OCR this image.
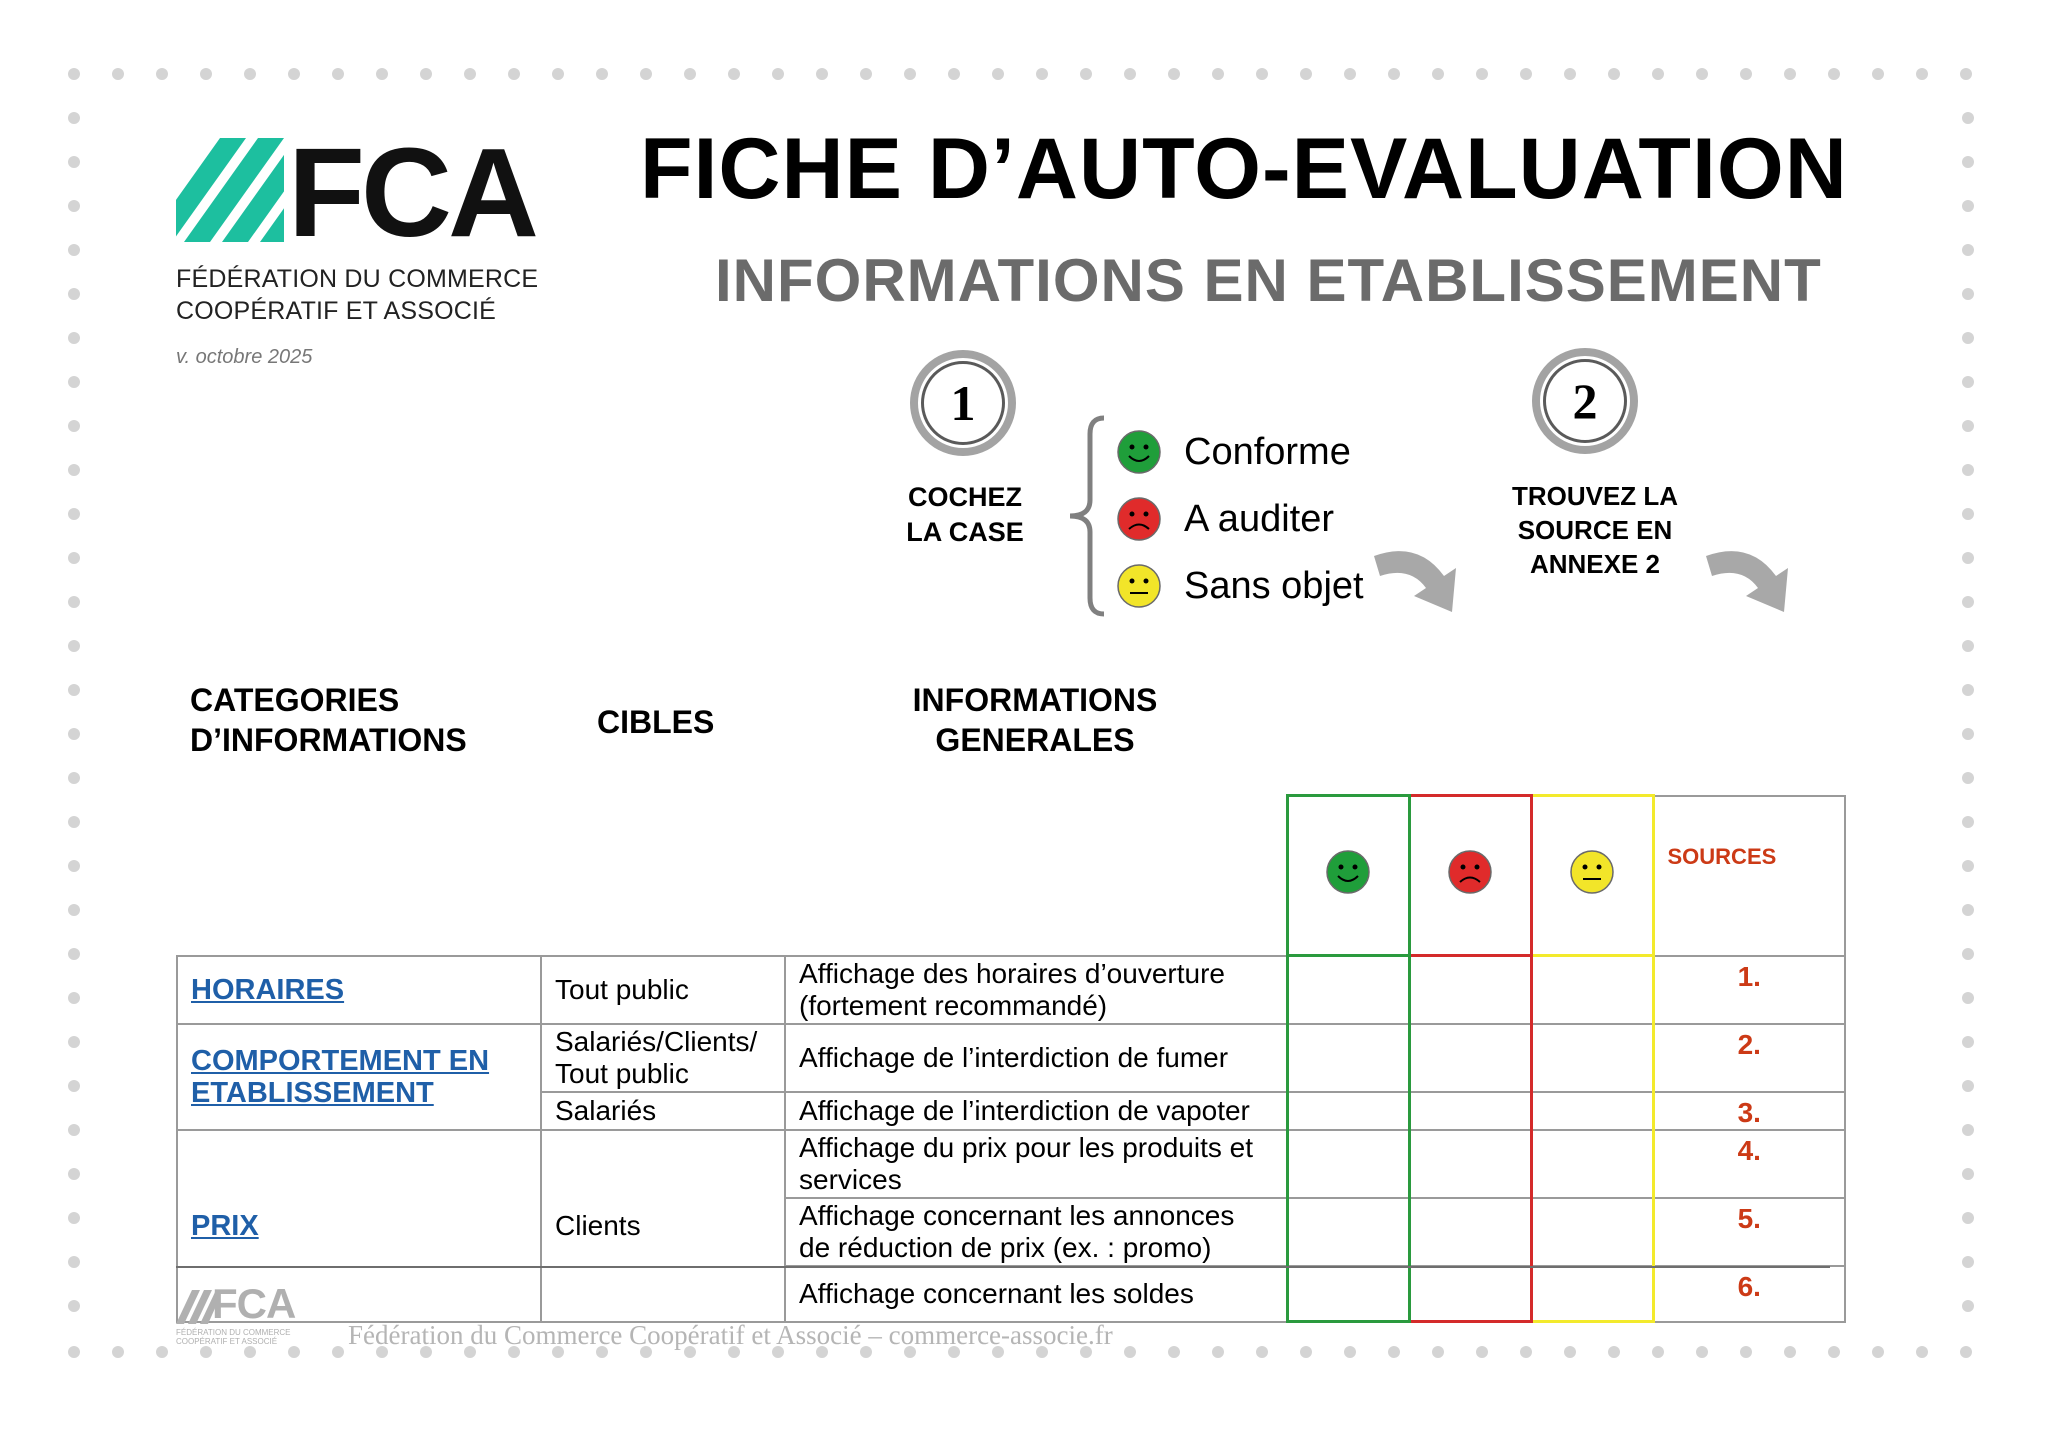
FCA
FÉDÉRATION DU COMMERCE
COOPÉRATIF ET ASSOCIÉ
v. octobre 2025
FICHE D’AUTO-EVALUATION
INFORMATIONS EN ETABLISSEMENT
1
COCHEZ
LA CASE
Conforme
A auditer
Sans objet
2
TROUVEZ LA
SOURCE EN
ANNEXE 2
CATEGORIES D’INFORMATIONS	CIBLES
INFORMATIONS GENERALES
						SOURCES
HORAIRES	Tout public	Affichage des horaires d’ouverture (fortement recommandé)				1.
COMPORTEMENT EN ETABLISSEMENT	Salariés/Clients/ Tout public	Affichage de l’interdiction de fumer				2.
	Salariés	Affichage de l’interdiction de vapoter				3.
PRIX	Clients	Affichage du prix pour les produits et services				4.
		Affichage concernant les annonces de réduction de prix (ex. : promo)				5.
		Affichage concernant les soldes				6.
FCA
FÉDÉRATION DU COMMERCE
COOPÉRATIF ET ASSOCIÉ	Fédération du Commerce Coopératif et Associé – commerce-associe.fr
